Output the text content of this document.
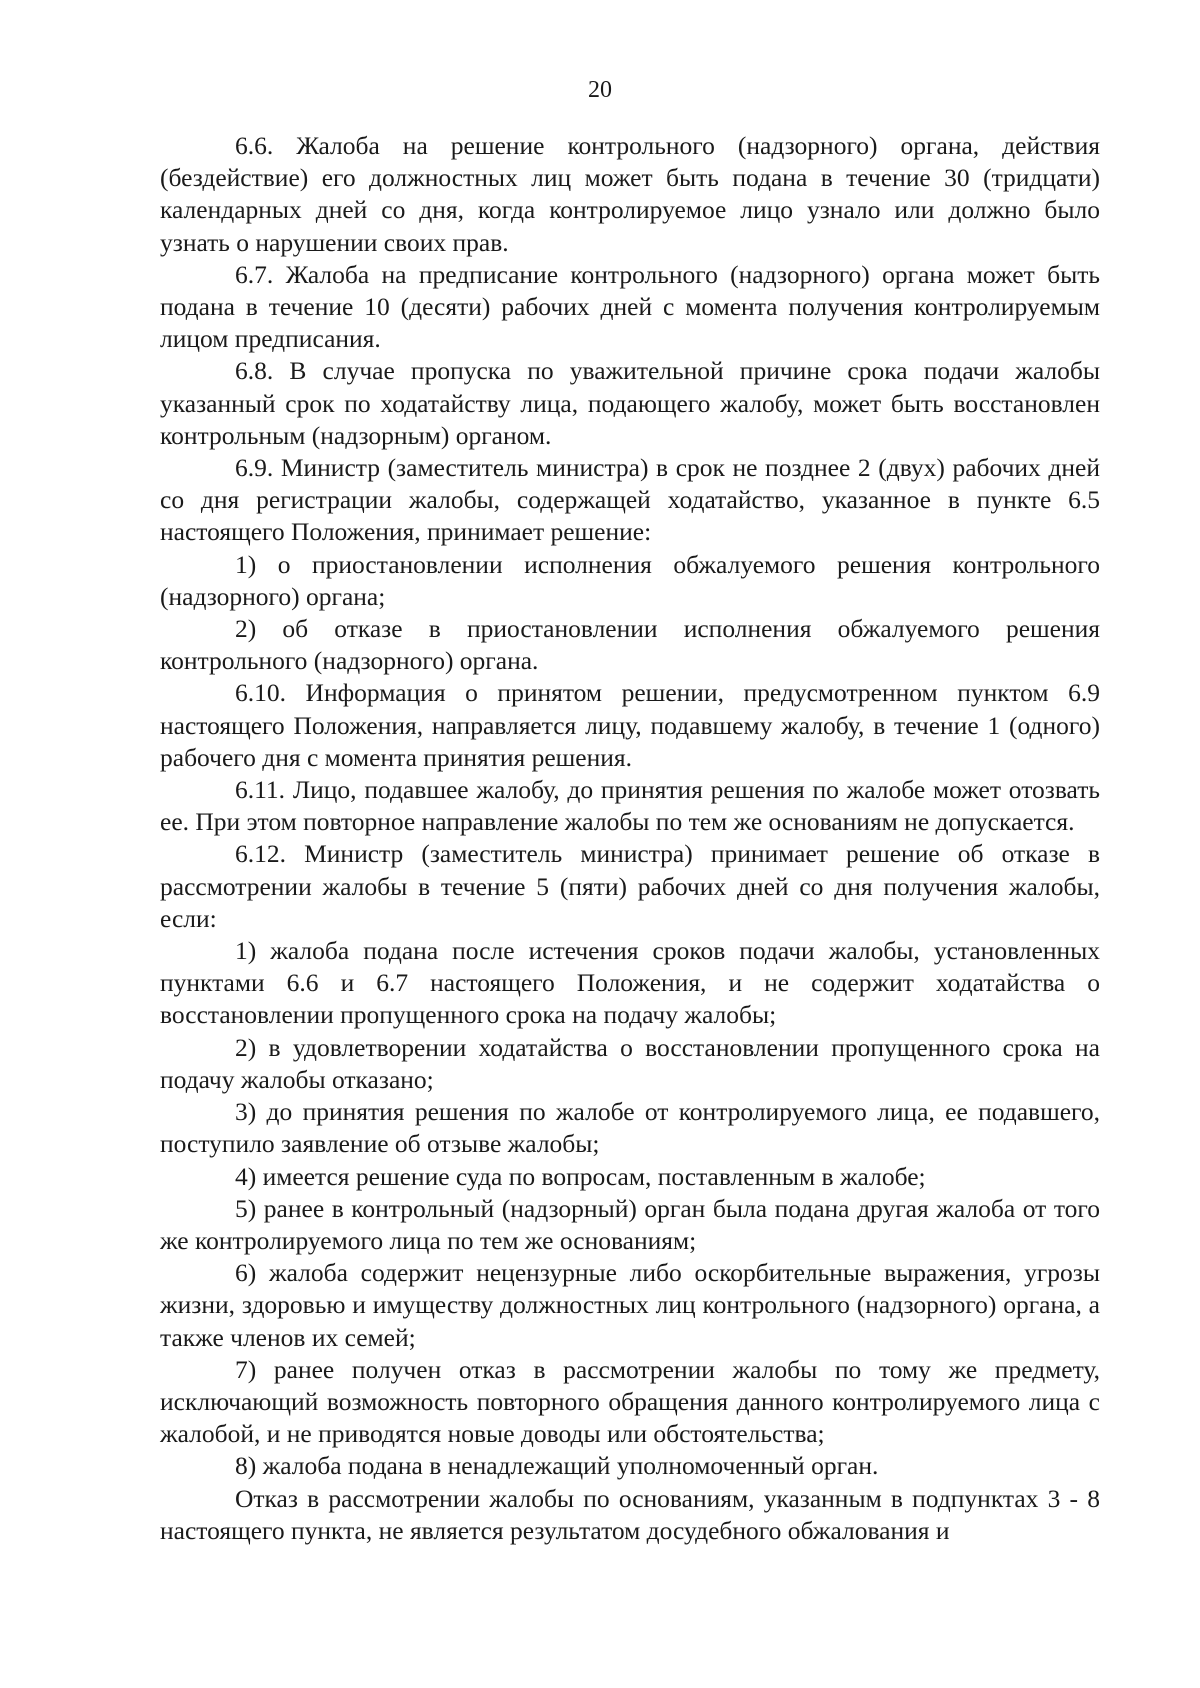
20

6.6. Жалоба на решение контрольного (надзорного) органа, действия (бездействие) его должностных лиц может быть подана в течение 30 (тридцати) календарных дней со дня, когда контролируемое лицо узнало или должно было узнать о нарушении своих прав.

6.7. Жалоба на предписание контрольного (надзорного) органа может быть подана в течение 10 (десяти) рабочих дней с момента получения контролируемым лицом предписания.

6.8. В случае пропуска по уважительной причине срока подачи жалобы указанный срок по ходатайству лица, подающего жалобу, может быть восстановлен контрольным (надзорным) органом.

6.9. Министр (заместитель министра) в срок не позднее 2 (двух) рабочих дней со дня регистрации жалобы, содержащей ходатайство, указанное в пункте 6.5 настоящего Положения, принимает решение:

1) о приостановлении исполнения обжалуемого решения контрольного (надзорного) органа;

2) об отказе в приостановлении исполнения обжалуемого решения контрольного (надзорного) органа.

6.10. Информация о принятом решении, предусмотренном пунктом 6.9 настоящего Положения, направляется лицу, подавшему жалобу, в течение 1 (одного) рабочего дня с момента принятия решения.

6.11. Лицо, подавшее жалобу, до принятия решения по жалобе может отозвать ее. При этом повторное направление жалобы по тем же основаниям не допускается.

6.12. Министр (заместитель министра) принимает решение об отказе в рассмотрении жалобы в течение 5 (пяти) рабочих дней со дня получения жалобы, если:

1) жалоба подана после истечения сроков подачи жалобы, установленных пунктами 6.6 и 6.7 настоящего Положения, и не содержит ходатайства о восстановлении пропущенного срока на подачу жалобы;

2) в удовлетворении ходатайства о восстановлении пропущенного срока на подачу жалобы отказано;

3) до принятия решения по жалобе от контролируемого лица, ее подавшего, поступило заявление об отзыве жалобы;

4) имеется решение суда по вопросам, поставленным в жалобе;

5) ранее в контрольный (надзорный) орган была подана другая жалоба от того же контролируемого лица по тем же основаниям;

6) жалоба содержит нецензурные либо оскорбительные выражения, угрозы жизни, здоровью и имуществу должностных лиц контрольного (надзорного) органа, а также членов их семей;

7) ранее получен отказ в рассмотрении жалобы по тому же предмету, исключающий возможность повторного обращения данного контролируемого лица с жалобой, и не приводятся новые доводы или обстоятельства;

8) жалоба подана в ненадлежащий уполномоченный орган.

Отказ в рассмотрении жалобы по основаниям, указанным в подпунктах 3 - 8 настоящего пункта, не является результатом досудебного обжалования и
